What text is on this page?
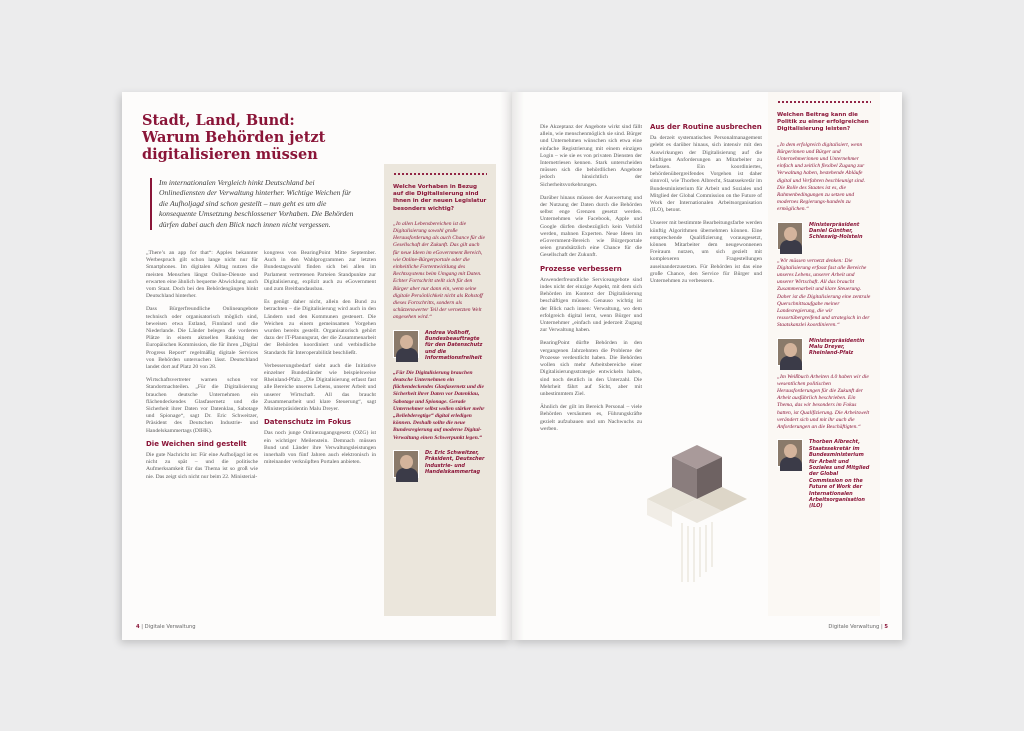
Stadt, Land, Bund: Warum Behörden jetzt digitalisieren müssen
Im internationalen Vergleich hinkt Deutschland bei Onlinediensten der Verwaltung hinterher. Wichtige Weichen für die Aufholjagd sind schon gestellt – nun geht es um die konsequente Umsetzung beschlossener Vorhaben. Die Behörden dürfen dabei auch den Blick nach innen nicht vergessen.

„There’s an app for that“: Apples bekannter Werbespruch gilt schon lange nicht nur für Smartphones. Im digitalen Alltag nutzen die meisten Menschen längst Online-Dienste und erwarten eine ähnlich bequeme Abwicklung auch vom Staat. Doch bei den Behördengängen hinkt Deutschland hinterher.

Dass Bürgerfreundliche Onlineangebote technisch oder organisatorisch möglich sind, beweisen etwa Estland, Finnland und die Niederlande. Die Länder belegen die vorderen Plätze in einem aktuellen Ranking der Europäischen Kommission, die für ihren „Digital Progress Report“ regelmäßig digitale Services von Behörden untersuchen lässt. Deutschland landet dort auf Platz 20 von 28.

Wirtschaftsvertreter warnen schon vor Standortnachteilen. „Für die Digitalisierung brauchen deutsche Unternehmen ein flächendeckendes Glasfasernetz und die Sicherheit ihrer Daten vor Datenklau, Sabotage und Spionage“, sagt Dr. Eric Schweitzer, Präsident des Deutschen Industrie- und Handelskammertags (DIHK).

Die Weichen sind gestellt

Die gute Nachricht ist: Für eine Aufholjagd ist es nicht zu spät – und die politische Aufmerksamkeit für das Thema ist so groß wie nie. Das zeigt sich nicht nur beim 22. Ministerial-

kongress von BearingPoint Mitte September. Auch in den Wahlprogrammen zur letzten Bundestagswahl finden sich bei allen im Parlament vertretenen Parteien Standpunkte zur Digitalisierung, explizit auch zu eGovernment und zum Breitbandausbau.

Es genügt daher nicht, allein den Bund zu betrachten – die Digitalisierung wird auch in den Ländern und den Kommunen gesteuert. Die Weichen zu einem gemeinsamen Vorgehen wurden bereits gestellt. Organisatorisch gehört dazu der IT-Planungsrat, der die Zusammenarbeit der Behörden koordiniert und verbindliche Standards für Interoperabilität beschließt.

Verbesserungsbedarf sieht auch die Initiative einzelner Bundesländer wie beispielsweise Rheinland-Pfalz. „Die Digitalisierung erfasst fast alle Bereiche unseres Lebens, unserer Arbeit und unserer Wirtschaft. All das braucht Zusammenarbeit und klare Steuerung“, sagt Ministerpräsidentin Malu Dreyer.

Datenschutz im Fokus

Das noch junge Onlinezugangsgesetz (OZG) ist ein wichtiger Meilenstein. Demnach müssen Bund und Länder ihre Verwaltungsleistungen innerhalb von fünf Jahren auch elektronisch in miteinander verknüpften Portalen anbieten.

Welche Vorhaben in Bezug auf die Digitalisierung sind Ihnen in der neuen Legislatur besonders wichtig?
„In allen Lebensbereichen ist die Digitalisierung sowohl große Herausforderung als auch Chance für die Gesellschaft der Zukunft. Das gilt auch für neue Ideen im eGovernment Bereich, wie Online-Bürgerportale oder die einheitliche Fortentwicklung des Rechtssystems beim Umgang mit Daten. Echter Fortschritt stellt sich für den Bürger aber nur dann ein, wenn seine digitale Persönlichkeit nicht als Rohstoff dieses Fortschritts, sondern als schützenswerter Teil der vernetzten Welt angesehen wird.“
Andrea Voßhoff, Bundesbeauftragte für den Datenschutz und die Informationsfreiheit
„Für Die Digitalisierung brauchen deutsche Unternehmen ein flächendeckendes Glasfasernetz und die Sicherheit ihrer Daten vor Datenklau, Sabotage und Spionage. Gerade Unternehmer selbst wollen stärker mehr „Beliebderegtige“ digital erledigen können. Deshalb sollte die neue Bundesregierung auf moderne Digital-Verwaltung einen Schwerpunkt legen.“
Dr. Eric Schweitzer, Präsident, Deutscher Industrie- und Handelskammertag
4 | Digitale Verwaltung

Die Akzeptanz der Angebote wirkt sind fällt allein, wie menschenmöglich sie sind. Bürger und Unternehmen wünschen sich etwa eine einfache Registrierung mit einem einzigen Login – wie sie es von privaten Diensten der Internetriesen kennen. Stark unterscheiden müssen sich die behördlichen Angebote jedoch hinsichtlich der Sicherheitsvorkehrungen.

Darüber hinaus müssen der Auswertung und der Nutzung der Daten durch die Behörden selbst enge Grenzen gesetzt werden. Unternehmen wie Facebook, Apple und Google dürfen diesbezüglich kein Vorbild werden, mahnen Experten. Neue Ideen im eGovernment-Bereich wie Bürgerportale seien grundsätzlich eine Chance für die Gesellschaft der Zukunft.

Prozesse verbessern

Anwenderfreundliche Serviceangebote sind indes nicht der einzige Aspekt, mit dem sich Behörden im Kontext der Digitalisierung beschäftigen müssen. Genauso wichtig ist der Blick nach innen: Verwaltung, wo dem erfolgreich digital lernt, wenn Bürger und Unternehmer „einfach und jederzeit Zugang zur Verwaltung haben.

BearingPoint dürfte Behörden in den vergangenen Jahrzehnten die Probleme der Prozesse verdeutlicht haben. Die Behörden wollen sich mehr Arbeitsbereiche einer Digitalisierungsstrategie entwickeln haben, sind noch deutlich in den Unterzahl. Die Mehrheit fährt auf Sicht, aber mit unbestimmtem Ziel.

Ähnlich der gilt im Bereich Personal – viele Behörden versäumen es, Führungskräfte gezielt aufzubauen und um Nachwuchs zu werben.

Aus der Routine ausbrechen

Da derzeit systematisches Personalmanagement gelebt es darüber hinaus, sich intensiv mit den Auswirkungen der Digitalisierung auf die künftigen Anforderungen an Mitarbeiter zu befassen. Ein koordiniertes, behördenübergreifendes Vorgehen ist daher sinnvoll, wie Thorben Albrecht, Staatssekretär im Bundesministerium für Arbeit und Soziales und Mitglied der Global Commission on the Future of Work der Internationalen Arbeitsorganisation (ILO), betont.

Unserer mit bestimmte Bearbeitungsfarbe werden künftig Algorithmen übernehmen können. Eine entsprechende Qualifizierung vorausgesetzt, können Mitarbeiter dem neugewonnenen Freiraum nutzen, um sich gezielt mit komplexeren Fragestellungen auseinanderzusetzen. Für Behörden ist das eine große Chance, den Service für Bürger und Unternehmen zu verbessern.

Welchen Beitrag kann die Politik zu einer erfolgreichen Digitalisierung leisten?
„In dem erfolgreich digitalisiert, wenn Bürgerinnen und Bürger und Unternehmerinnen und Unternehmer einfach und zeitlich flexibel Zugang zur Verwaltung haben, bestehende Abläufe digital und Verfahren beschleunigt sind. Die Rolle des Staates ist es, die Rahmenbedingungen zu setzen und modernes Regierungs-handeln zu ermöglichen.“
Ministerpräsident Daniel Günther, Schleswig-Holstein
„Wir müssen vernetzt denken: Die Digitalisierung erfasst fast alle Bereiche unseres Lebens, unserer Arbeit und unserer Wirtschaft. All das braucht Zusammenarbeit und klare Steuerung. Daher ist die Digitalisierung eine zentrale Querschnittsaufgabe meiner Landesregierung, die wir ressortübergreifend und strategisch in der Staatskanzlei koordinieren.“
Ministerpräsidentin Malu Dreyer, Rheinland-Pfalz
„Im Weißbuch Arbeiten 4.0 haben wir die wesentlichen politischen Herausforderungen für die Zukunft der Arbeit ausführlich beschrieben. Ein Thema, das wir besonders im Fokus hatten, ist Qualifizierung. Die Arbeitswelt verändert sich und mit ihr auch die Anforderungen an die Beschäftigten.“
Thorben Albrecht, Staatssekretär im Bundesministerium für Arbeit und Soziales und Mitglied der Global Commission on the Future of Work der Internationalen Arbeitsorganisation (ILO)
Digitale Verwaltung | 5
